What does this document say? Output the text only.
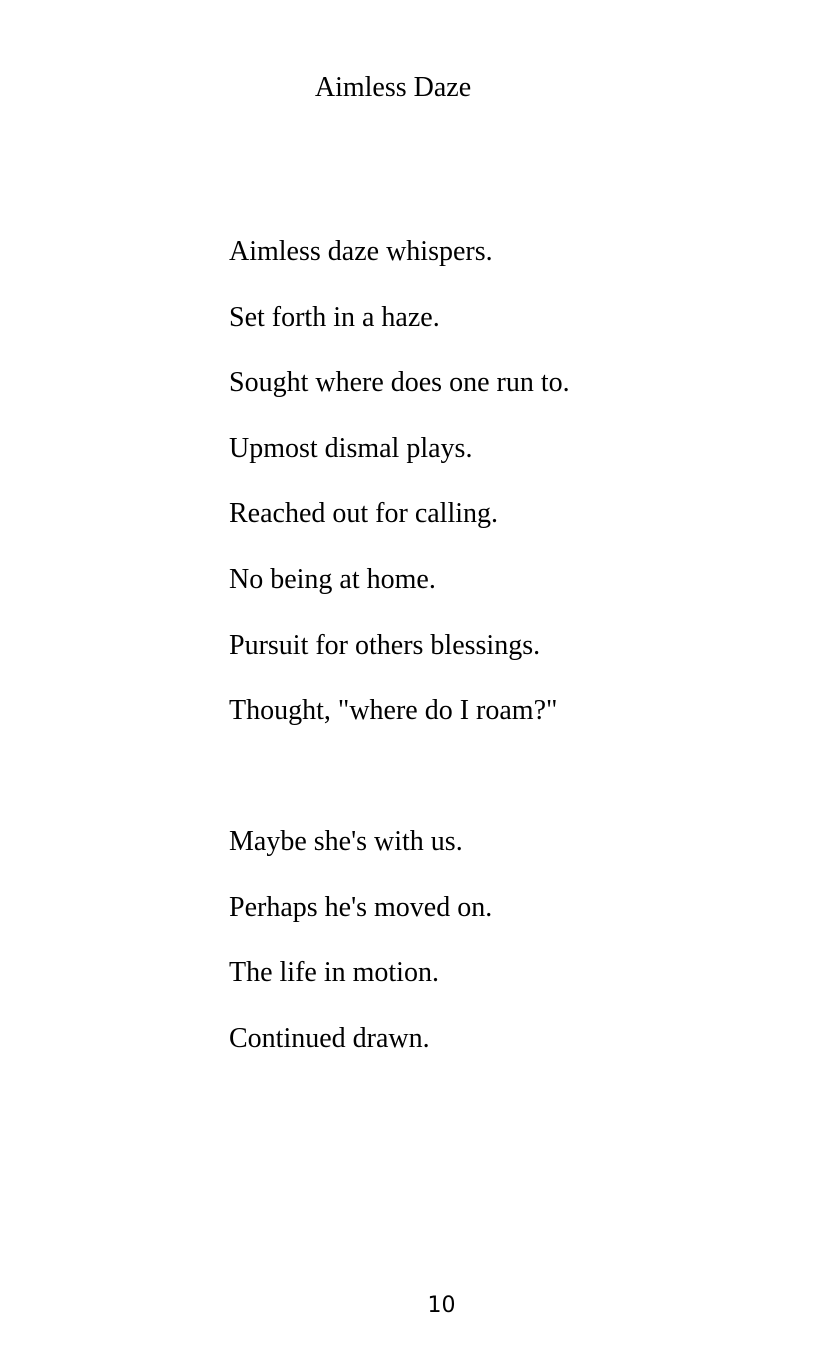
Aimless Daze
Aimless daze whispers.
Set forth in a haze.
Sought where does one run to.
Upmost dismal plays.
Reached out for calling.
No being at home.
Pursuit for others blessings.
Thought, "where do I roam?"
Maybe she's with us.
Perhaps he's moved on.
The life in motion.
Continued drawn.
10
